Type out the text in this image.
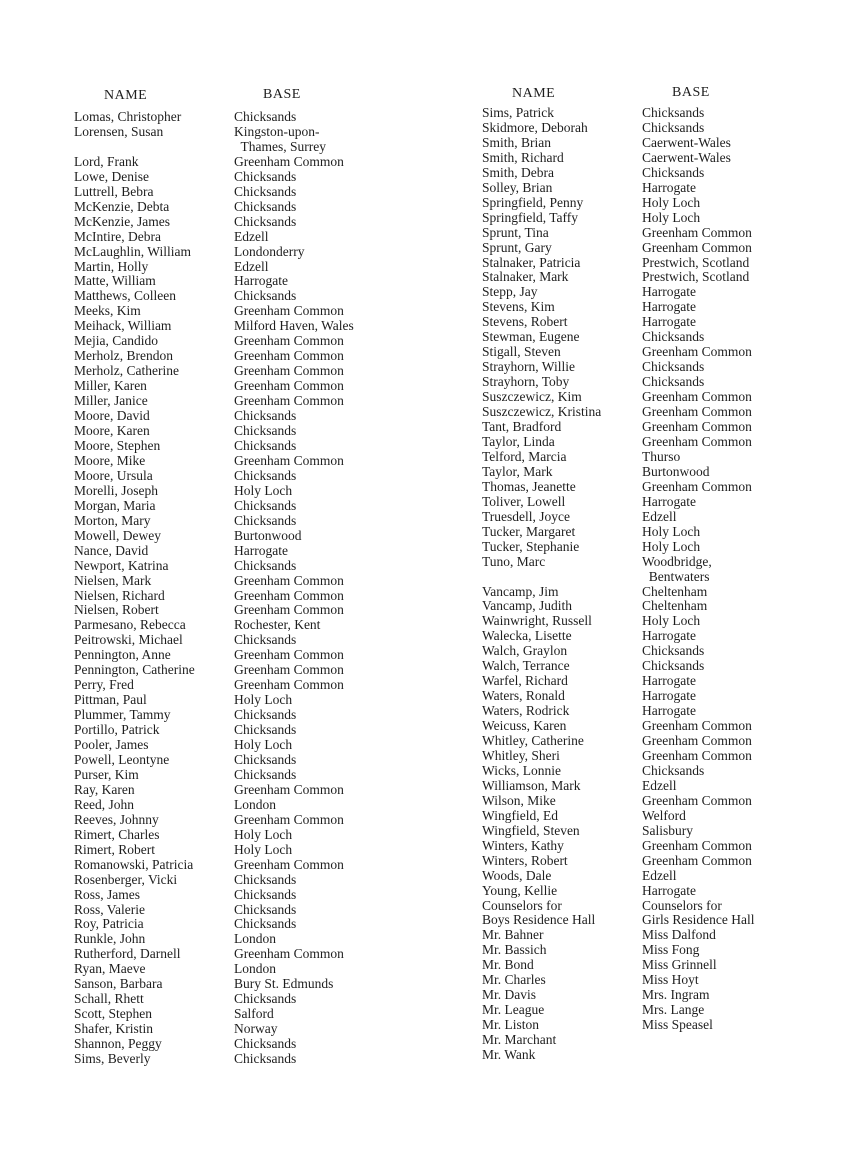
NAME	BASE	NAME	BASE
Lomas, Christopher	Chicksands
Lorensen, Susan	Kingston-upon-
Thames, Surrey
Lord, Frank	Greenham Common
Lowe, Denise	Chicksands
Luttrell, Bebra	Chicksands
McKenzie, Debta	Chicksands
McKenzie, James	Chicksands
McIntire, Debra	Edzell
McLaughlin, William	Londonderry
Martin, Holly	Edzell
Matte, William	Harrogate
Matthews, Colleen	Chicksands
Meeks, Kim	Greenham Common
Meihack, William	Milford Haven, Wales
Mejia, Candido	Greenham Common
Merholz, Brendon	Greenham Common
Merholz, Catherine	Greenham Common
Miller, Karen	Greenham Common
Miller, Janice	Greenham Common
Moore, David	Chicksands
Moore, Karen	Chicksands
Moore, Stephen	Chicksands
Moore, Mike	Greenham Common
Moore, Ursula	Chicksands
Morelli, Joseph	Holy Loch
Morgan, Maria	Chicksands
Morton, Mary	Chicksands
Mowell, Dewey	Burtonwood
Nance, David	Harrogate
Newport, Katrina	Chicksands
Nielsen, Mark	Greenham Common
Nielsen, Richard	Greenham Common
Nielsen, Robert	Greenham Common
Parmesano, Rebecca	Rochester, Kent
Peitrowski, Michael	Chicksands
Pennington, Anne	Greenham Common
Pennington, Catherine	Greenham Common
Perry, Fred	Greenham Common
Pittman, Paul	Holy Loch
Plummer, Tammy	Chicksands
Portillo, Patrick	Chicksands
Pooler, James	Holy Loch
Powell, Leontyne	Chicksands
Purser, Kim	Chicksands
Ray, Karen	Greenham Common
Reed, John	London
Reeves, Johnny	Greenham Common
Rimert, Charles	Holy Loch
Rimert, Robert	Holy Loch
Romanowski, Patricia	Greenham Common
Rosenberger, Vicki	Chicksands
Ross, James	Chicksands
Ross, Valerie	Chicksands
Roy, Patricia	Chicksands
Runkle, John	London
Rutherford, Darnell	Greenham Common
Ryan, Maeve	London
Sanson, Barbara	Bury St. Edmunds
Schall, Rhett	Chicksands
Scott, Stephen	Salford
Shafer, Kristin	Norway
Shannon, Peggy	Chicksands
Sims, Beverly	Chicksands
Sims, Patrick	Chicksands
Skidmore, Deborah	Chicksands
Smith, Brian	Caerwent-Wales
Smith, Richard	Caerwent-Wales
Smith, Debra	Chicksands
Solley, Brian	Harrogate
Springfield, Penny	Holy Loch
Springfield, Taffy	Holy Loch
Sprunt, Tina	Greenham Common
Sprunt, Gary	Greenham Common
Stalnaker, Patricia	Prestwich, Scotland
Stalnaker, Mark	Prestwich, Scotland
Stepp, Jay	Harrogate
Stevens, Kim	Harrogate
Stevens, Robert	Harrogate
Stewman, Eugene	Chicksands
Stigall, Steven	Greenham Common
Strayhorn, Willie	Chicksands
Strayhorn, Toby	Chicksands
Suszczewicz, Kim	Greenham Common
Suszczewicz, Kristina	Greenham Common
Tant, Bradford	Greenham Common
Taylor, Linda	Greenham Common
Telford, Marcia	Thurso
Taylor, Mark	Burtonwood
Thomas, Jeanette	Greenham Common
Toliver, Lowell	Harrogate
Truesdell, Joyce	Edzell
Tucker, Margaret	Holy Loch
Tucker, Stephanie	Holy Loch
Tuno, Marc	Woodbridge,
Bentwaters
Vancamp, Jim	Cheltenham
Vancamp, Judith	Cheltenham
Wainwright, Russell	Holy Loch
Walecka, Lisette	Harrogate
Walch, Graylon	Chicksands
Walch, Terrance	Chicksands
Warfel, Richard	Harrogate
Waters, Ronald	Harrogate
Waters, Rodrick	Harrogate
Weicuss, Karen	Greenham Common
Whitley, Catherine	Greenham Common
Whitley, Sheri	Greenham Common
Wicks, Lonnie	Chicksands
Williamson, Mark	Edzell
Wilson, Mike	Greenham Common
Wingfield, Ed	Welford
Wingfield, Steven	Salisbury
Winters, Kathy	Greenham Common
Winters, Robert	Greenham Common
Woods, Dale	Edzell
Young, Kellie	Harrogate
Counselors for	Counselors for
Boys Residence Hall	Girls Residence Hall
Mr. Bahner	Miss Dalfond
Mr. Bassich	Miss Fong
Mr. Bond	Miss Grinnell
Mr. Charles	Miss Hoyt
Mr. Davis	Mrs. Ingram
Mr. League	Mrs. Lange
Mr. Liston	Miss Speasel
Mr. Marchant
Mr. Wank
